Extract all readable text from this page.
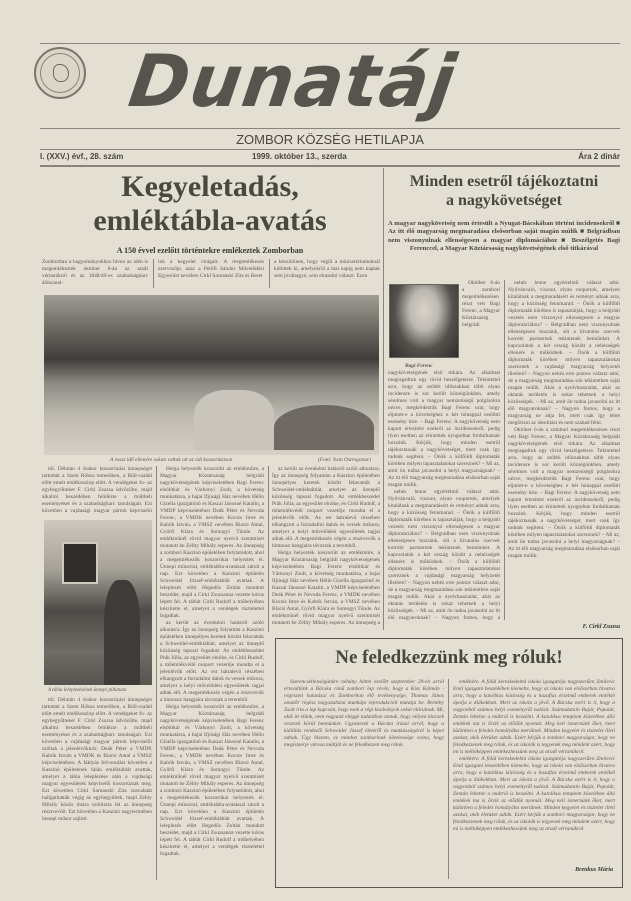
Dunatáj
ZOMBOR KÖZSÉG HETILAPJA
I. (XXV.) évf., 28. szám	1999. október 13., szerda	Ára 2 dinár
Kegyeletadás,
emléktábla-avatás
A 150 évvel ezelőtt történtekre emlékeztek Zomborban
Zomborban a hagyományokhoz híven az idén is megemlékeztek október 6-án az aradi vértanúkról és az 1848/49-es szabadságharc áldozatai-
ink a kegyelet virágait. A megemlékezés szervezője, azaz a Petőfi Sándor Művelődési Egyesület nevében Cirkl Sarnanski Zita és Beret
a készítőinek, hogy végül a minisztériumoknál kötöttek ki, amelyekről a mai napig nem kaptak sem jóváhagyó, sem elutasító választ. Ezen
A rossz idő ellenére sokan voltak ott az ódi koszorúzáson	(Fotó: Ivan Ostrogonac)

tól. Délután 4 órakor koszorúzási ünnepséget tartottak a Szent Rókus temetőben, a Büll-család előtt emelt emlékoszlop előtt. A vendégeket fo- az egybegyűlteket F. Cirkl Zsuzsa üdvözölte, majd alkalmi beszédében felidézte a múltbéli eseményeket és a szabadságharc tanulságait. Ezt követően a vajdasági magyar pártok képviselői

A tábla leleplezésének ünnepi pillanata

tól. Délután 4 órakor koszorúzási ünnepséget tartottak a Szent Rókus temetőben, a Büll-család előtt emelt emlékoszlop előtt. A vendégeket fo- az egybegyűlteket F. Cirkl Zsuzsa üdvözölte, majd alkalmi beszédében felidézte a múltbéli eseményeket és a szabadságharc tanulságait. Ezt követően a vajdasági magyar pártok képviselői szóltak a jelenlévőkhöz: Deák Péter a VMDP, Kabók István a VMDK és Biacsi Antal a VMSZ képviseletében. A fáklyás felvonulást követően a Kaszinó épületének falán emléktáblát avattak, amelyet a tábla leleplezése után a vajdasági magyar egyesületek képviselői koszorúztak meg. Ezt követően Cirkl Sarnanski Zita szavalatát hallgathatták végig az egybegyűltek, majd Zélity Mihály közös imára szólította fel az ünnepség résztvevőit. Ezt követően a Kaszinó nagytermében ünnepi műsor zajlott.

Helga helyezték koszorúit az emlékműre, a Magyar Köztársaság belgrádi nagykövetségének képviseletében Bagi Ferenc elsőtitkár és Várkonyi Zsolt, a követség munkatársa, a bajai Ifjúsági Ház nevében Hélin Gizella igazgatónő és Kaszai Jánosné Katalin, a VMDP képviseletében Deák Péter és Nevoda Ferenc, a VMDK nevében Kocsis Imre és Kabók István, a VMSZ nevében Biacsi Antal, Györfi Klára és Somogyi Tünde. Az emlékműnél rövid magyar nyelvű szentmisét mutatott be Zélity Mihály esperes. Az ünnepség a zombori Kaszinó épületében folytatódott, ahol a megemlékezők koszorúkat helyeztek el. Ünnepi műsorral, emléktábla-avatással zárult a nap. Ezt követően a Kaszinó épületén Schweidel József-emléktáblát avattak. A leleplezés előtt Hegedűs Zoltán mondott beszédet, majd a Cirkl Zsuzsanna vezette kórus lépett fel. A táblát Cirkl Rudolf a műhelyében készítette el, amelyet a vendégek tisztelettel fogadtak.

az került az évenkénti hatásról szóló alkotásra. Így az ünnepség folyamán a Kaszinó épületében ünnepélyes keretek között felavatták a Schweidel-emléktáblát, amelyet az ünneplő közönség tapssal fogadott. Az emlékbeszédet Prák Júlia, az egyesület elnöke, és Cirkl Rudolf, a műemlékvédő csoport vezetője mondta el a jelenlévők előtt. Az est hátralevő részében elhangzott a forradalmi dalok és versek műsora, amelyet a helyi művelődési egyesületek tagjai adtak elő. A megemlékezés végén a résztvevők a himnusz hangjaira távoztak a teremből.

Helga helyezték koszorúit az emlékműre, a Magyar Köztársaság belgrádi nagykövetségének képviseletében Bagi Ferenc elsőtitkár és Várkonyi Zsolt, a követség munkatársa, a bajai Ifjúsági Ház nevében Hélin Gizella igazgatónő és Kaszai Jánosné Katalin, a VMDP képviseletében Deák Péter és Nevoda Ferenc, a VMDK nevében Kocsis Imre és Kabók István, a VMSZ nevében Biacsi Antal, Györfi Klára és Somogyi Tünde. Az emlékműnél rövid magyar nyelvű szentmisét mutatott be Zélity Mihály esperes. Az ünnepség a zombori Kaszinó épületében folytatódott, ahol a megemlékezők koszorúkat helyeztek el. Ünnepi műsorral, emléktábla-avatással zárult a nap. Ezt követően a Kaszinó épületén Schweidel József-emléktáblát avattak. A leleplezés előtt Hegedűs Zoltán mondott beszédet, majd a Cirkl Zsuzsanna vezette kórus lépett fel. A táblát Cirkl Rudolf a műhelyében készítette el, amelyet a vendégek tisztelettel fogadtak.

az került az évenkénti hatásról szóló alkotásra. Így az ünnepség folyamán a Kaszinó épületében ünnepélyes keretek között felavatták a Schweidel-emléktáblát, amelyet az ünneplő közönség tapssal fogadott. Az emlékbeszédet Prák Júlia, az egyesület elnöke, és Cirkl Rudolf, a műemlékvédő csoport vezetője mondta el a jelenlévők előtt. Az est hátralevő részében elhangzott a forradalmi dalok és versek műsora, amelyet a helyi művelődési egyesületek tagjai adtak elő. A megemlékezés végén a résztvevők a himnusz hangjaira távoztak a teremből.

Helga helyezték koszorúit az emlékműre, a Magyar Köztársaság belgrádi nagykövetségének képviseletében Bagi Ferenc elsőtitkár és Várkonyi Zsolt, a követség munkatársa, a bajai Ifjúsági Ház nevében Hélin Gizella igazgatónő és Kaszai Jánosné Katalin, a VMDP képviseletében Deák Péter és Nevoda Ferenc, a VMDK nevében Kocsis Imre és Kabók István, a VMSZ nevében Biacsi Antal, Györfi Klára és Somogyi Tünde. Az emlékműnél rövid magyar nyelvű szentmisét mutatott be Zélity Mihály esperes. Az ünnepség a

Minden esetről tájékoztatni
a nagykövetséget
A magyar nagykövetség nem értesült a Nyugat-Bácskában történt incidensekről ■ Az itt élő magyarság megmaradása elsősorban saját magán múlik ■ Belgrádban nem viszonyulnak ellenségesen a magyar diplomáciához ■ Beszélgetés Bagi Ferenccel, a Magyar Köztársaság nagykövetségének első titkárával
Bagi Ferenc

Október 6-án a zombori megemlékezésen részt vett Bagi Ferenc, a Magyar Köztársaság belgrádi nagykövetségének első titkára. Az alkalmat megragadtuk egy rövid beszélgetésre. Tekintettel arra, hogy az utóbbi időszakban több olyan incidensre is sor került községünkben, amely sérelmes volt a magyar nemzetiségű polgárokra nézve, megkérdeztük Bagi Ferenc urat, hogy eljutott-e a követséghez e két hónappal ezelőtti esemény híre. – Bagi Ferenc: A nagykövetség nem kapott értesítést ezekről az incidensekről, pedig ilyen esetben az érintettek nyugodtan fordulhatnak hozzánk. Kérjük, hogy minden esetről tájékoztassák a nagykövetséget, mert csak így tudunk segíteni. – Önök a külföldi diplomaták körében milyen tapasztalatokat szereznek? – Mi az, amit ön tudna javasolni a helyi magyarságnak? – Az itt élő magyarság megmaradása elsősorban saját magán múlik.

nehéz lenne egyértelmű választ adni. Nyilvánvaló, viszont, olyan csoportok, amelyek kitalálnak a megmaradásért és reményt adnak arra, hogy a közösség fennmarad. – Önök a külföldi diplomaták körében is tapasztalják, hogy a belgrádi vezetés nem viszonyul ellenségesen a magyar diplomáciához? – Belgrádban nem viszonyulnak ellenségesen hozzánk, sőt a hivatalos szervek korrekt partnernek tekintenek bennünket. A kapcsolatok a két ország között a nehézségek ellenére is működnek. – Önök a külföldi diplomaták körében milyen tapasztalatokat szereznek a vajdasági magyarság helyzetét illetően? – Nagyon nehéz erre pontos választ adni, de a magyarság megmaradása sok tekintetben saját magán múlik. Akár a nyelvhasználat, akár az oktatás területén is sokat tehetnek a helyi közösségek. – Mi az, amit ön tudna javasolni az itt élő magyaroknak? – Nagyon fontos, hogy a

nehéz lenne egyértelmű választ adni. Nyilvánvaló, viszont, olyan csoportok, amelyek kitalálnak a megmaradásért és reményt adnak arra, hogy a közösség fennmarad. – Önök a külföldi diplomaták körében is tapasztalják, hogy a belgrádi vezetés nem viszonyul ellenségesen a magyar diplomáciához? – Belgrádban nem viszonyulnak ellenségesen hozzánk, sőt a hivatalos szervek korrekt partnernek tekintenek bennünket. A kapcsolatok a két ország között a nehézségek ellenére is működnek. – Önök a külföldi diplomaták körében milyen tapasztalatokat szereznek a vajdasági magyarság helyzetét illetően? – Nagyon nehéz erre pontos választ adni, de a magyarság megmaradása sok tekintetben saját magán múlik. Akár a nyelvhasználat, akár az oktatás területén is sokat tehetnek a helyi közösségek. – Mi az, amit ön tudna javasolni az itt élő magyaroknak? – Nagyon fontos, hogy a magyarság ne adja fel, mert csak így lehet megőrizni az identitást és nem szabad félni.

Október 6-án a zombori megemlékezésen részt vett Bagi Ferenc, a Magyar Köztársaság belgrádi nagykövetségének első titkára. Az alkalmat megragadtuk egy rövid beszélgetésre. Tekintettel arra, hogy az utóbbi időszakban több olyan incidensre is sor került községünkben, amely sérelmes volt a magyar nemzetiségű polgárokra nézve, megkérdeztük Bagi Ferenc urat, hogy eljutott-e a követséghez e két hónappal ezelőtti esemény híre. – Bagi Ferenc: A nagykövetség nem kapott értesítést ezekről az incidensekről, pedig ilyen esetben az érintettek nyugodtan fordulhatnak hozzánk. Kérjük, hogy minden esetről tájékoztassák a nagykövetséget, mert csak így tudunk segíteni. – Önök a külföldi diplomaták körében milyen tapasztalatokat szereznek? – Mi az, amit ön tudna javasolni a helyi magyarságnak? – Az itt élő magyarság megmaradása elsősorban saját magán múlik.

F. Cirkl Zsuzsa
Ne feledkezzünk meg róluk!

Szerencsétlenségünkre néhány héttel ezelőtt szeptember 29-én arról értesültünk a Bácska című zombori lap révén, hogy a Kiss Kálmán régészeti kutatásai és Zomborban élő tevékenysége, Thomas János amatőr régész nagyszabású munkája reprodukcióit mutatja be. Brenthy Zsolt írta a lap kapcsán, hogy ezek a régi kiadványok sokat elárulnak. Mi, akik itt élünk, nem vagyunk eléggé tudatában annak, hogy milyen kincsek vesznek körül bennünket. Ugyanezek a Bácska írásai arról, hogy a kiállítás rendezői Schweidel József életéről és munkásságáról is képet adnak. Úgy hiszem, ez minden zomborinak kötelessége volna, hogy megismerje városa múltját és ne feledkezzen meg róluk.

emlékére. A fölül kereskedelmi iskola igazgatója nagyszerűen Zmilevic Emil igazgató beszédében kiemelte, hogy az iskola van elsősorban hivatva arra, hogy a katolikus közösség és a hazafias érzelmű emberek emlékét ápolja a diákokban. Mert az iskola a jövő. A Bácska ezért is ír, hogy a vagyonból számos helyi eseményről tudósít. Számadatain Bajár, Populár, Zentán lehetne a múltról is beszélni. A katolikus templom közelében álló emlékek ma is őrzik az elődök nyomát. Meg kell ismernünk őket, mert különben a feledés homályába merülnek. Minden kegyelet és tisztelet illeti azokat, akik életüket adták. Ezért kérjük a zombori magyarságot, hogy ne feledkezzenek meg róluk, és az iskolák is tegyenek meg mindent azért, hogy mi is méltóképpen emlékezhessünk meg az aradi vértanúkról.

emlékére. A fölül kereskedelmi iskola igazgatója nagyszerűen Zmilevic Emil igazgató beszédében kiemelte, hogy az iskola van elsősorban hivatva arra, hogy a katolikus közösség és a hazafias érzelmű emberek emlékét ápolja a diákokban. Mert az iskola a jövő. A Bácska ezért is ír, hogy a vagyonból számos helyi eseményről tudósít. Számadatain Bajár, Populár, Zentán lehetne a múltról is beszélni. A katolikus templom közelében álló emlékek ma is őrzik az elődök nyomát. Meg kell ismernünk őket, mert különben a feledés homályába merülnek. Minden kegyelet és tisztelet illeti azokat, akik életüket adták. Ezért kérjük a zombori magyarságot, hogy ne feledkezzenek meg róluk, és az iskolák is tegyenek meg mindent azért, hogy mi is méltóképpen emlékezhessünk meg az aradi vértanúkról.

Brenkus Mária
